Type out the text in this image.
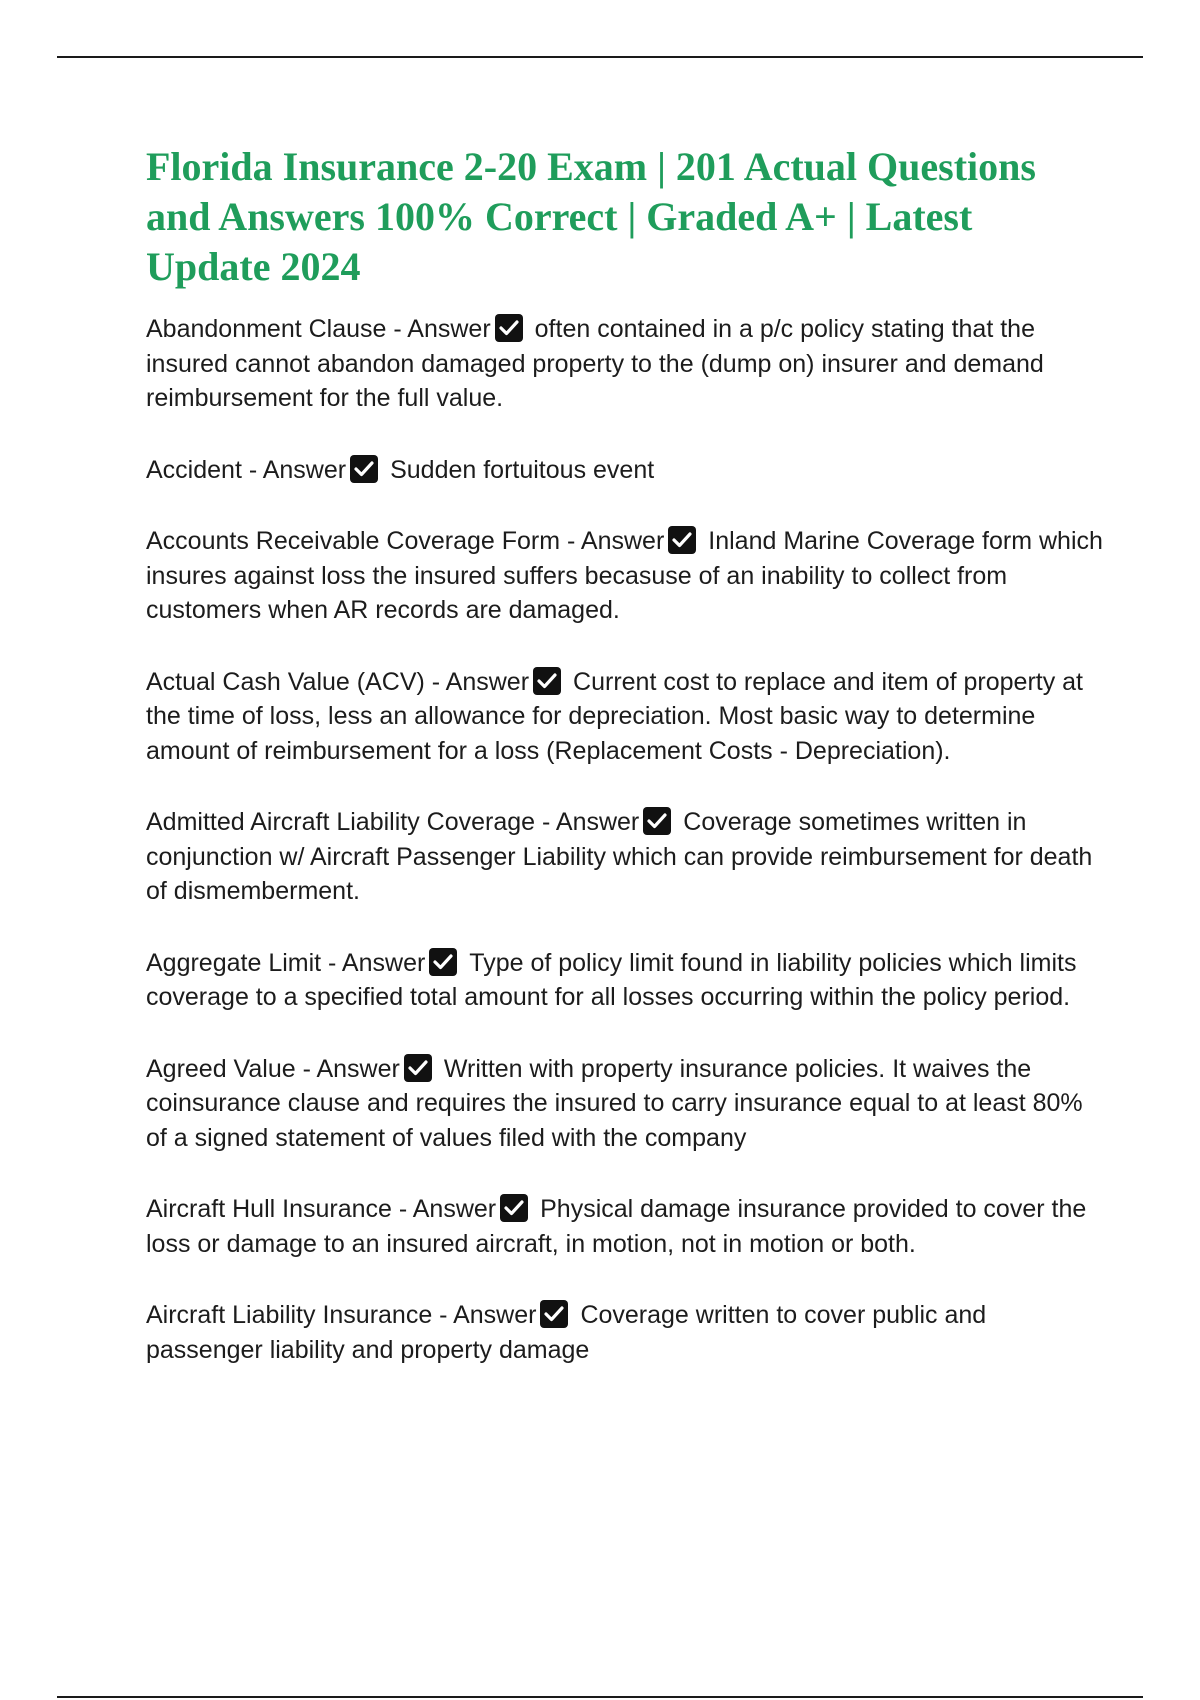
Florida Insurance 2-20 Exam | 201 Actual Questions and Answers 100% Correct | Graded A+ | Latest Update 2024
Abandonment Clause - Answer often contained in a p/c policy stating that the insured cannot abandon damaged property to the (dump on) insurer and demand reimbursement for the full value.
Accident - Answer Sudden fortuitous event
Accounts Receivable Coverage Form - Answer Inland Marine Coverage form which insures against loss the insured suffers becasuse of an inability to collect from customers when AR records are damaged.
Actual Cash Value (ACV) - Answer Current cost to replace and item of property at the time of loss, less an allowance for depreciation. Most basic way to determine amount of reimbursement for a loss (Replacement Costs - Depreciation).
Admitted Aircraft Liability Coverage - Answer Coverage sometimes written in conjunction w/ Aircraft Passenger Liability which can provide reimbursement for death of dismemberment.
Aggregate Limit - Answer Type of policy limit found in liability policies which limits coverage to a specified total amount for all losses occurring within the policy period.
Agreed Value - Answer Written with property insurance policies. It waives the coinsurance clause and requires the insured to carry insurance equal to at least 80% of a signed statement of values filed with the company
Aircraft Hull Insurance - Answer Physical damage insurance provided to cover the loss or damage to an insured aircraft, in motion, not in motion or both.
Aircraft Liability Insurance - Answer Coverage written to cover public and passenger liability and property damage
